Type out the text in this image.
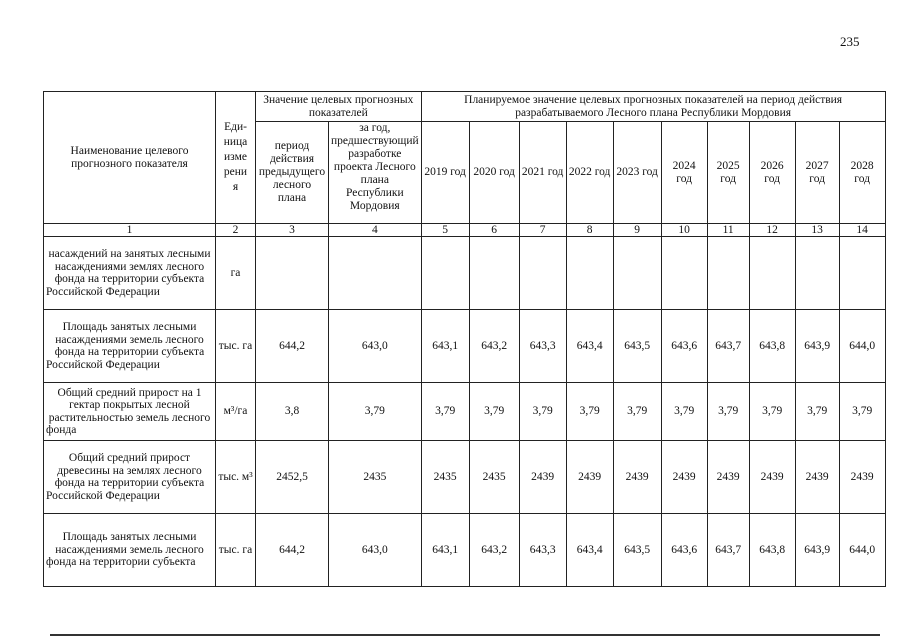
235
Наименование целевого прогнозного показателя	Еди-
ница
изме
рени
я	Значение целевых прогнозных показателей		Планируемое значение целевых прогнозных показателей на период действия разрабатываемого Лесного плана Республики Мордовия									
		период действия предыдущего лесного плана	за год, предшествующий разработке проекта Лесного плана Республики Мордовия	2019 год	2020 год	2021 год	2022 год	2023 год	2024 год	2025 год	2026 год	2027 год	2028 год
1	2	3	4	5	6	7	8	9	10	11	12	13	14
насаждений на занятых лесными насаждениями землях лесного фонда на территории субъекта Российской Федерации	га												
Площадь занятых лесными насаждениями земель лесного фонда на территории субъекта Российской Федерации	тыс. га	644,2	643,0	643,1	643,2	643,3	643,4	643,5	643,6	643,7	643,8	643,9	644,0
Общий средний прирост на 1 гектар покрытых лесной растительностью земель лесного фонда	м³/га	3,8	3,79	3,79	3,79	3,79	3,79	3,79	3,79	3,79	3,79	3,79	3,79
Общий средний прирост древесины на землях лесного фонда на территории субъекта Российской Федерации	тыс. м³	2452,5	2435	2435	2435	2439	2439	2439	2439	2439	2439	2439	2439
Площадь занятых лесными насаждениями земель лесного фонда на территории субъекта	тыс. га	644,2	643,0	643,1	643,2	643,3	643,4	643,5	643,6	643,7	643,8	643,9	644,0
